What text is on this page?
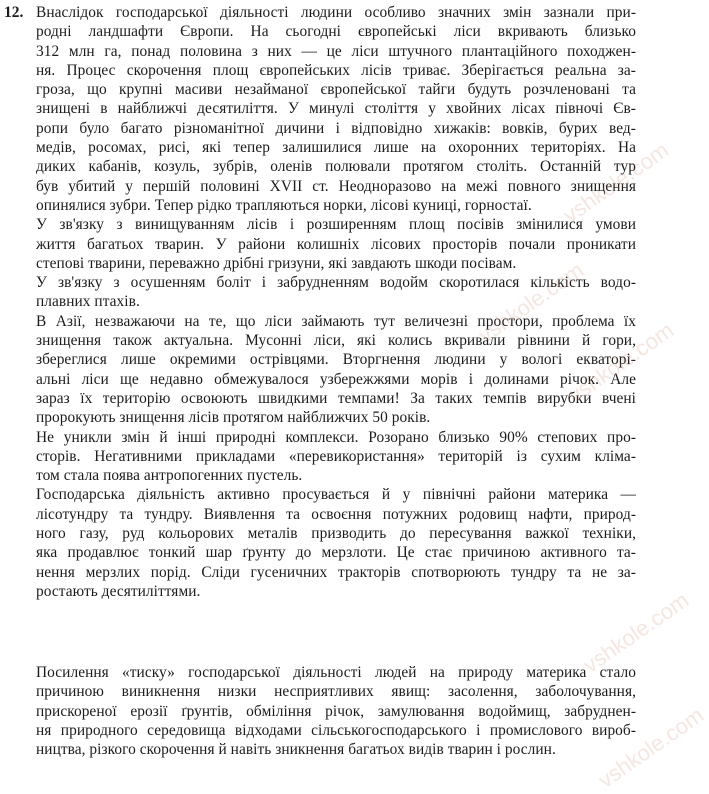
12. Внаслідок господарської діяльності людини особливо значних змін зазнали при-
родні ландшафти Європи. На сьогодні європейські ліси вкривають близько
312 млн га, понад половина з них — це ліси штучного плантаційного походжен-
ня. Процес скорочення площ європейських лісів триває. Зберігається реальна за-
гроза, що крупні масиви незайманої європейської тайги будуть розчленовані та
знищені в найближчі десятиліття. У минулі століття у хвойних лісах півночі Єв-
ропи було багато різноманітної дичини і відповідно хижаків: вовків, бурих вед-
медів, росомах, рисі, які тепер залишилися лише на охоронних територіях. На
диких кабанів, козуль, зубрів, оленів полювали протягом століть. Останній тур
був убитий у першій половині XVII ст. Неодноразово на межі повного знищення
опинялися зубри. Тепер рідко трапляються норки, лісові куниці, горностаї.
У зв'язку з винищуванням лісів і розширенням площ посівів змінилися умови
життя багатьох тварин. У райони колишніх лісових просторів почали проникати
степові тварини, переважно дрібні гризуни, які завдають шкоди посівам.
У зв'язку з осушенням боліт і забрудненням водойм скоротилася кількість водо-
плавних птахів.
В Азії, незважаючи на те, що ліси займають тут величезні простори, проблема їх
знищення також актуальна. Мусонні ліси, які колись вкривали рівнини й гори,
збереглися лише окремими острівцями. Вторгнення людини у вологі екваторі-
альні ліси ще недавно обмежувалося узбережжями морів і долинами річок. Але
зараз їх територію освоюють швидкими темпами! За таких темпів вирубки вчені
пророкують знищення лісів протягом найближчих 50 років.
Не уникли змін й інші природні комплекси. Розорано близько 90% степових про-
сторів. Негативними прикладами «перевикористання» територій із сухим кліма-
том стала поява антропогенних пустель.
Господарська діяльність активно просувається й у північні райони материка —
лісотундру та тундру. Виявлення та освоєння потужних родовищ нафти, природ-
ного газу, руд кольорових металів призводить до пересування важкої техніки,
яка продавлює тонкий шар ґрунту до мерзлоти. Це стає причиною активного та-
нення мерзлих порід. Сліди гусеничних тракторів спотворюють тундру та не за-
ростають десятиліттями.
Посилення «тиску» господарської діяльності людей на природу материка стало
причиною виникнення низки несприятливих явищ: засолення, заболочування,
прискореної ерозії ґрунтів, обміління річок, замулювання водоймищ, забруднен-
ня природного середовища відходами сільськогосподарського і промислового вироб-
ництва, різкого скорочення й навіть зникнення багатьох видів тварин і рослин.
vshkole.com
vshkole.com
vshkole.com
vshkole.com
vshkole.com
